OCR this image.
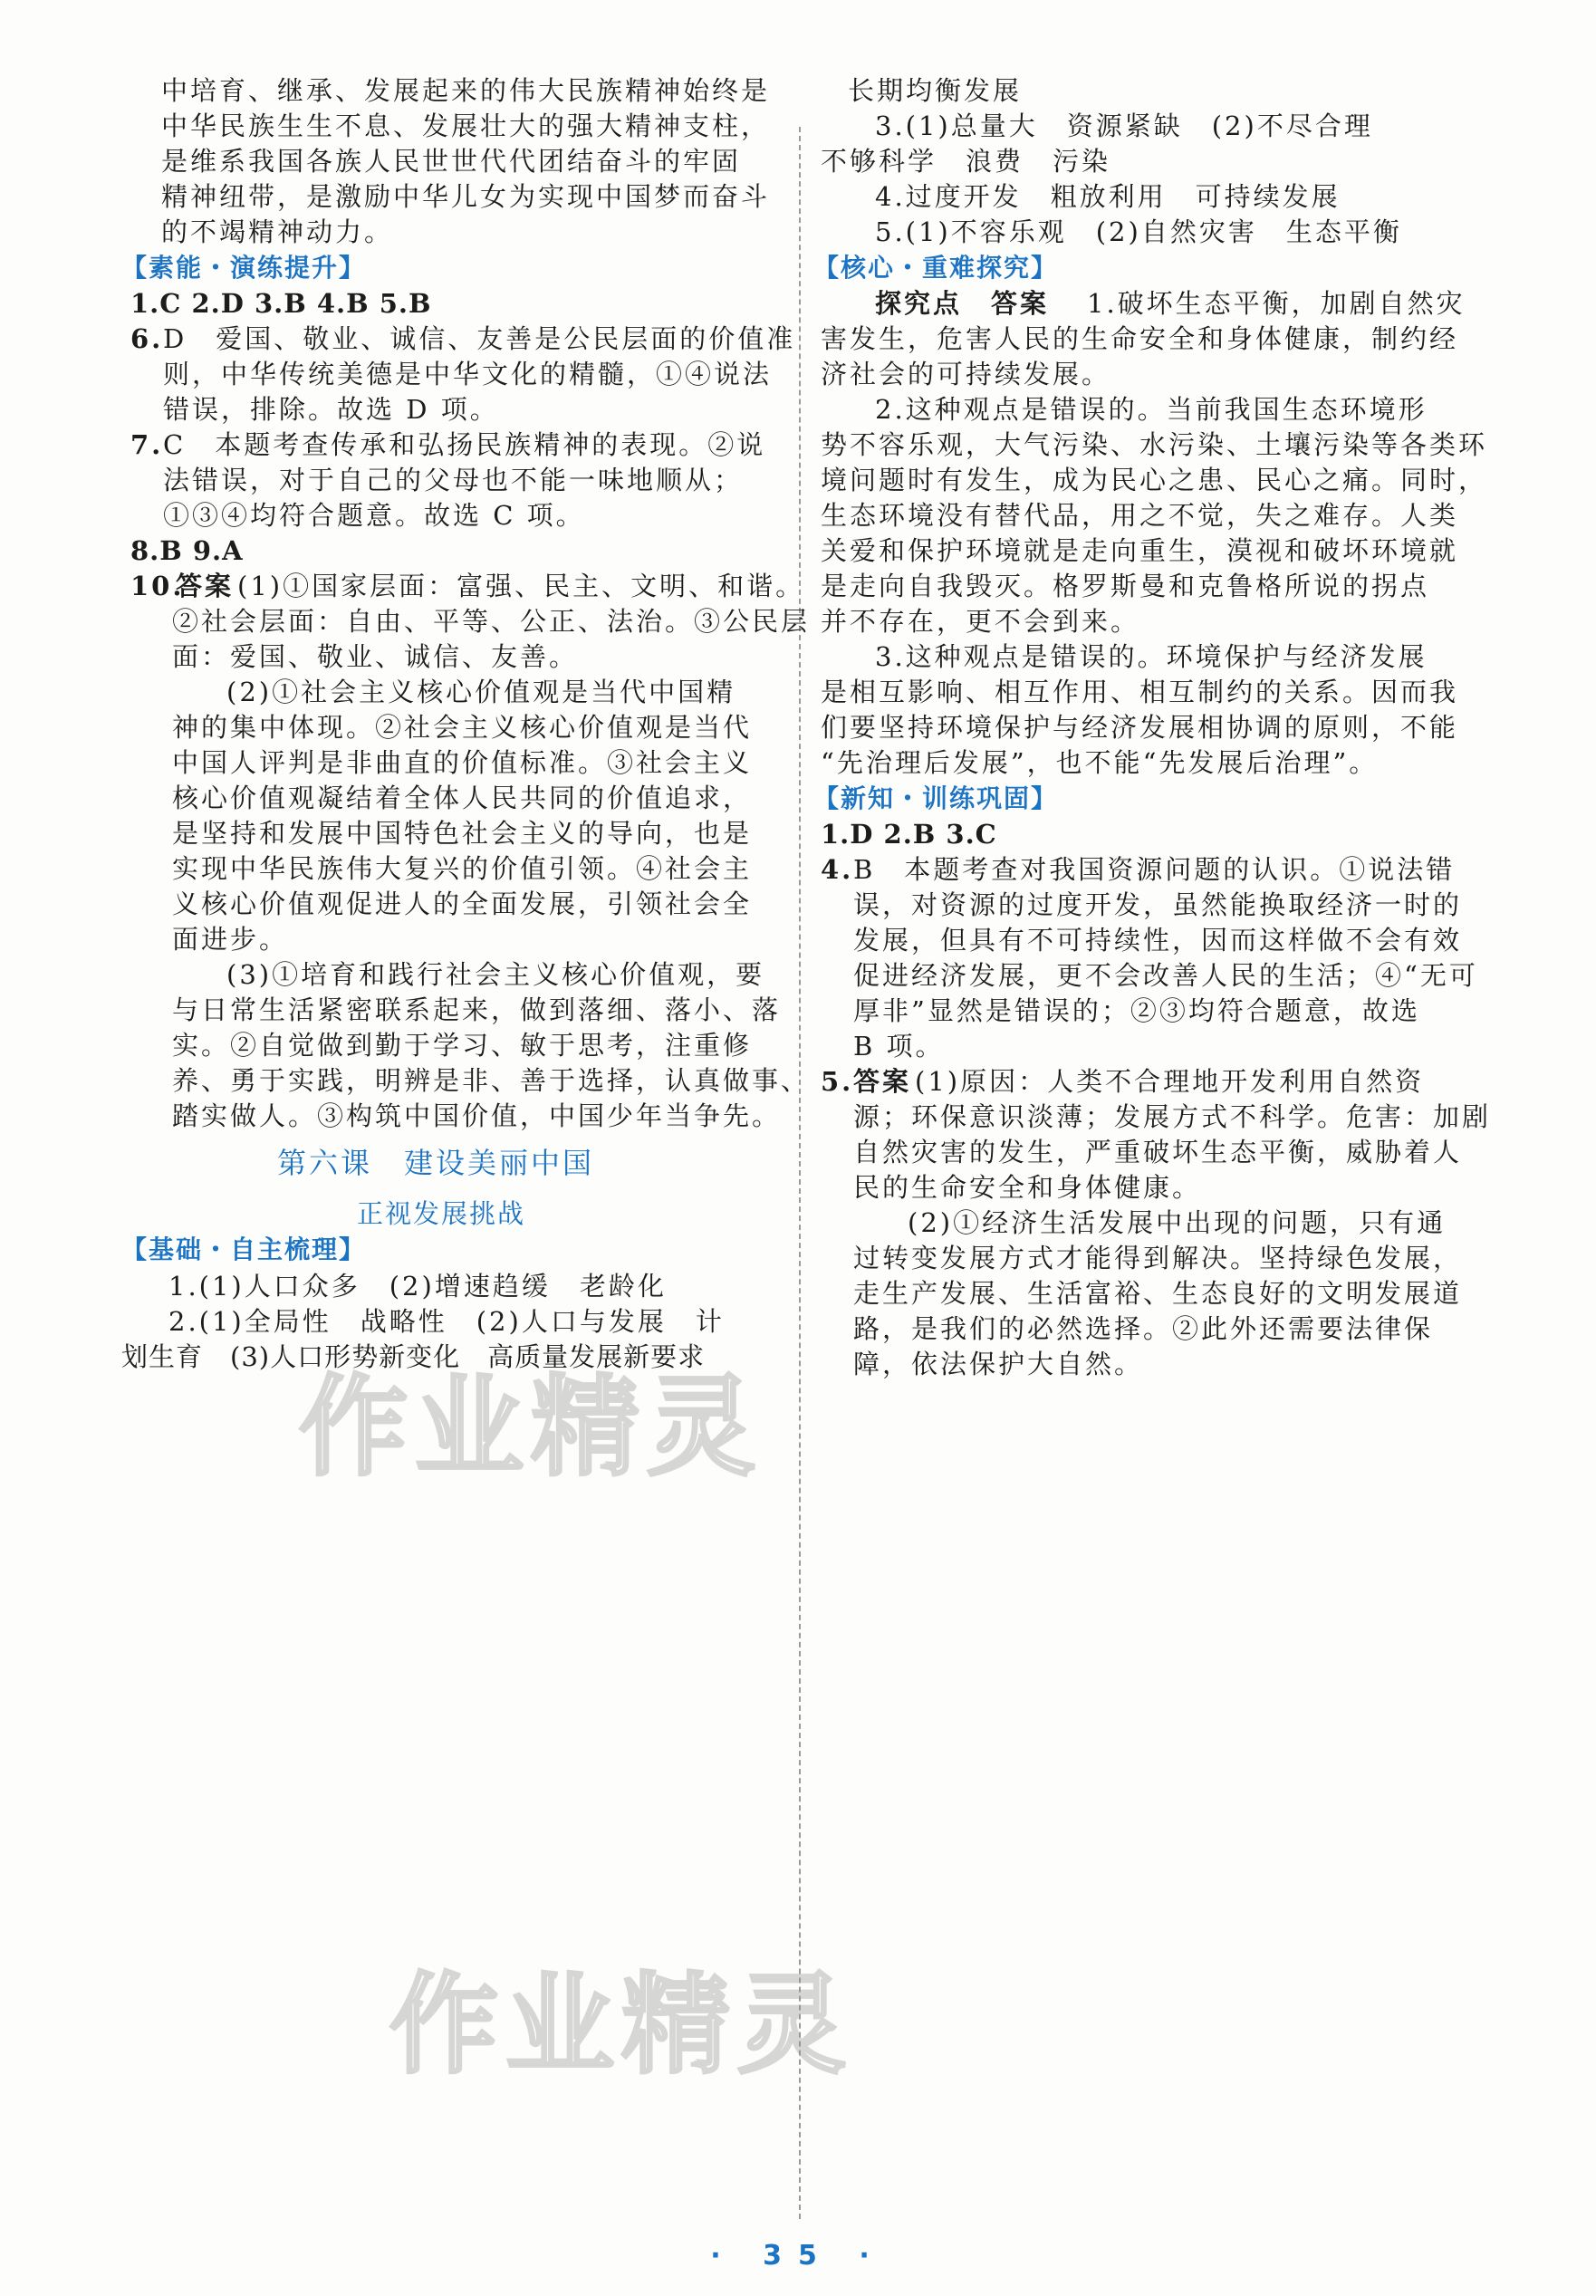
中培育、继承、发展起来的伟大民族精神始终是
中华民族生生不息、发展壮大的强大精神支柱，
是维系我国各族人民世世代代团结奋斗的牢固
精神纽带，是激励中华儿女为实现中国梦而奋斗
的不竭精神动力。
【素能・演练提升】
1.C 2.D 3.B 4.B 5.B
6. D　爱国、敬业、诚信、友善是公民层面的价值准
则，中华传统美德是中华文化的精髓，①④说法
错误，排除。故选 D 项。
7. C　本题考查传承和弘扬民族精神的表现。②说
法错误，对于自己的父母也不能一味地顺从；
①③④均符合题意。故选 C 项。
8.B 9.A
10.
答案 (1)①国家层面：富强、民主、文明、和谐。
②社会层面：自由、平等、公正、法治。③公民层
面：爱国、敬业、诚信、友善。
(2)①社会主义核心价值观是当代中国精
神的集中体现。②社会主义核心价值观是当代
中国人评判是非曲直的价值标准。③社会主义
核心价值观凝结着全体人民共同的价值追求，
是坚持和发展中国特色社会主义的导向，也是
实现中华民族伟大复兴的价值引领。④社会主
义核心价值观促进人的全面发展，引领社会全
面进步。
(3)①培育和践行社会主义核心价值观，要
与日常生活紧密联系起来，做到落细、落小、落
实。②自觉做到勤于学习、敏于思考，注重修
养、勇于实践，明辨是非、善于选择，认真做事、
踏实做人。③构筑中国价值，中国少年当争先。
第六课　建设美丽中国
正视发展挑战
【基础・自主梳理】
1.(1)人口众多　(2)增速趋缓　老龄化
2.(1)全局性　战略性　(2)人口与发展　计
划生育　(3)人口形势新变化　高质量发展新要求
长期均衡发展
3.(1)总量大　资源紧缺　(2)不尽合理
不够科学　浪费　污染
4.过度开发　粗放利用　可持续发展
5.(1)不容乐观　(2)自然灾害　生态平衡
【核心・重难探究】
探究点　答案 1.破坏生态平衡，加剧自然灾
害发生，危害人民的生命安全和身体健康，制约经
济社会的可持续发展。
2.这种观点是错误的。当前我国生态环境形
势不容乐观，大气污染、水污染、土壤污染等各类环
境问题时有发生，成为民心之患、民心之痛。同时，
生态环境没有替代品，用之不觉，失之难存。人类
关爱和保护环境就是走向重生，漠视和破坏环境就
是走向自我毁灭。格罗斯曼和克鲁格所说的拐点
并不存在，更不会到来。
3.这种观点是错误的。环境保护与经济发展
是相互影响、相互作用、相互制约的关系。因而我
们要坚持环境保护与经济发展相协调的原则，不能
“先治理后发展”，也不能“先发展后治理”。
【新知・训练巩固】
1.D 2.B 3.C
4. B　本题考查对我国资源问题的认识。①说法错
误，对资源的过度开发，虽然能换取经济一时的
发展，但具有不可持续性，因而这样做不会有效
促进经济发展，更不会改善人民的生活；④“无可
厚非”显然是错误的；②③均符合题意，故选
B 项。
5. 答案 (1)原因：人类不合理地开发利用自然资
源；环保意识淡薄；发展方式不科学。危害：加剧
自然灾害的发生，严重破坏生态平衡，威胁着人
民的生命安全和身体健康。
(2)①经济生活发展中出现的问题，只有通
过转变发展方式才能得到解决。坚持绿色发展，
走生产发展、生活富裕、生态良好的文明发展道
路，是我们的必然选择。②此外还需要法律保
障，依法保护大自然。
作业精灵
作业精灵
· 35 ·
